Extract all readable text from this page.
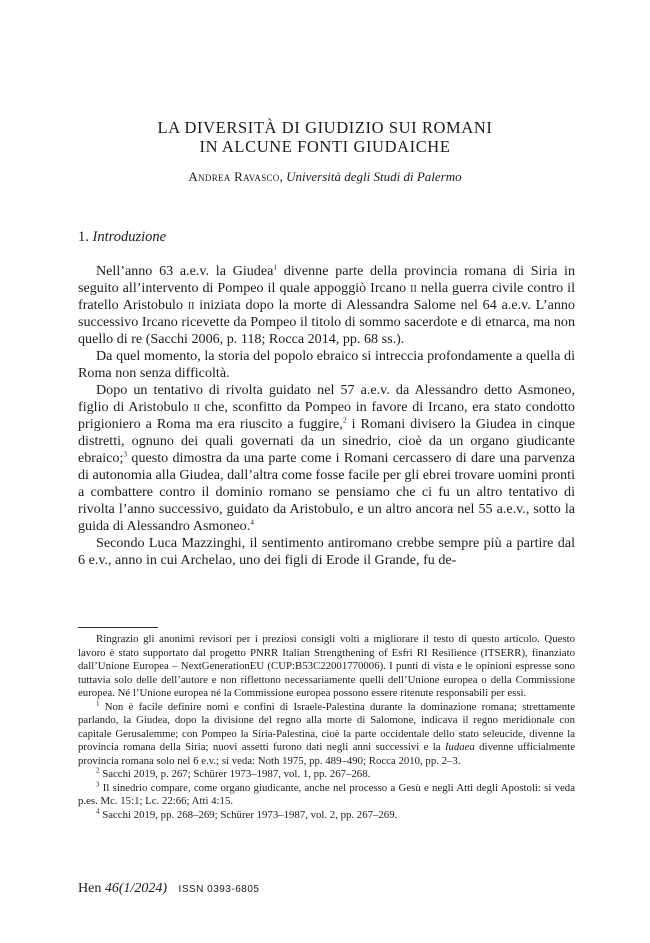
LA DIVERSITÀ DI GIUDIZIO SUI ROMANI
IN ALCUNE FONTI GIUDAICHE
Andrea Ravasco, Università degli Studi di Palermo
1. Introduzione

Nell’anno 63 a.e.v. la Giudea$^1$ divenne parte della provincia romana di Siria in seguito all’intervento di Pompeo il quale appoggiò Ircano ii nella guerra civile contro il fratello Aristobulo ii iniziata dopo la morte di Alessandra Salome nel 64 a.e.v. L’anno successivo Ircano ricevette da Pompeo il titolo di sommo sacerdote e di etnarca, ma non quello di re (Sacchi 2006, p. 118; Rocca 2014, pp. 68 ss.).

Da quel momento, la storia del popolo ebraico si intreccia profondamente a quella di Roma non senza difficoltà.

Dopo un tentativo di rivolta guidato nel 57 a.e.v. da Alessandro detto Asmoneo, figlio di Aristobulo ii che, sconfitto da Pompeo in favore di Ircano, era stato condotto prigioniero a Roma ma era riuscito a fuggire,$^2$ i Romani divisero la Giudea in cinque distretti, ognuno dei quali governati da un sinedrio, cioè da un organo giudicante ebraico;$^3$ questo dimostra da una parte come i Romani cercassero di dare una parvenza di autonomia alla Giudea, dall’altra come fosse facile per gli ebrei trovare uomini pronti a combattere contro il dominio romano se pensiamo che ci fu un altro tentativo di rivolta l’anno successivo, guidato da Aristobulo, e un altro ancora nel 55 a.e.v., sotto la guida di Alessandro Asmoneo.$^4$

Secondo Luca Mazzinghi, il sentimento antiromano crebbe sempre più a partire dal 6 e.v., anno in cui Archelao, uno dei figli di Erode il Grande, fu de-

Ringrazio gli anonimi revisori per i preziosi consigli volti a migliorare il testo di questo articolo. Questo lavoro è stato supportato dal progetto PNRR Italian Strengthening of Esfri RI Resilience (ITSERR), finanziato dall’Unione Europea – NextGenerationEU (CUP:B53C22001770006). I punti di vista e le opinioni espresse sono tuttavia solo delle dell’autore e non riflettono necessariamente quelli dell’Unione europea o della Commissione europea. Né l’Unione europea né la Commissione europea possono essere ritenute responsabili per essi.

$^1$ Non è facile definire nomi e confini di Israele-Palestina durante la dominazione romana; strettamente parlando, la Giudea, dopo la divisione del regno alla morte di Salomone, indicava il regno meridionale con capitale Gerusalemme; con Pompeo la Siria-Palestina, cioè la parte occidentale dello stato seleucide, divenne la provincia romana della Siria; nuovi assetti furono dati negli anni successivi e la Iudaea divenne ufficialmente provincia romana solo nel 6 e.v.; si veda: Noth 1975, pp. 489–490; Rocca 2010, pp. 2–3.

$^2$ Sacchi 2019, p. 267; Schürer 1973–1987, vol. 1, pp. 267–268.

$^3$ Il sinedrio compare, come organo giudicante, anche nel processo a Gesù e negli Atti degli Apostoli: si veda p.es. Mc. 15:1; Lc. 22:66; Atti 4:15.

$^4$ Sacchi 2019, pp. 268–269; Schürer 1973–1987, vol. 2, pp. 267–269.

Hen 46(1/2024) ISSN 0393-6805
